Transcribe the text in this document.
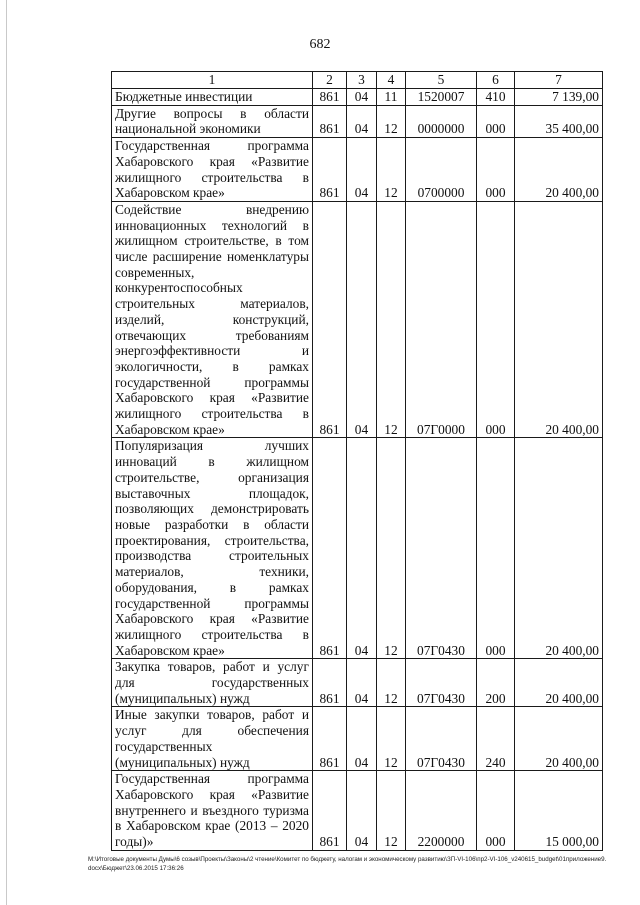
682
1	2	3	4	5	6	7
Бюджетные инвестиции	861	04	11	1520007	410	7 139,00
Другие вопросы в области национальной экономики	861	04	12	0000000	000	35 400,00
Государственная программа Хабаровского края «Развитие жилищного строительства в Хабаровском крае»	861	04	12	0700000	000	20 400,00
Содействие внедрению инновационных технологий в жилищном строительстве, в том числе расширение номенклатуры современных, конкурентоспособных строительных материалов, изделий, конструкций, отвечающих требованиям энергоэффективности и экологичности, в рамках государственной программы Хабаровского края «Развитие жилищного строительства в Хабаровском крае»	861	04	12	07Г0000	000	20 400,00
Популяризация лучших инноваций в жилищном строительстве, организация выставочных площадок, позволяющих демонстрировать новые разработки в области проектирования, строительства, производства строительных материалов, техники, оборудования, в рамках государственной программы Хабаровского края «Развитие жилищного строительства в Хабаровском крае»	861	04	12	07Г0430	000	20 400,00
Закупка товаров, работ и услуг для государственных (муниципальных) нужд	861	04	12	07Г0430	200	20 400,00
Иные закупки товаров, работ и услуг для обеспечения государственных (муниципальных) нужд	861	04	12	07Г0430	240	20 400,00
Государственная программа Хабаровского края «Развитие внутреннего и въездного туризма в Хабаровском крае (2013 – 2020 годы)»	861	04	12	2200000	000	15 000,00
M:\Итоговые документы Думы\6 созыв\Проекты\Законы\2 чтение\Комитет по бюджету, налогам и экономическому развитию\ЗП-VI-106\пр2-VI-106_v240615_budget\01приложение9.docx\Бюджет\23.06.2015 17:36:26
